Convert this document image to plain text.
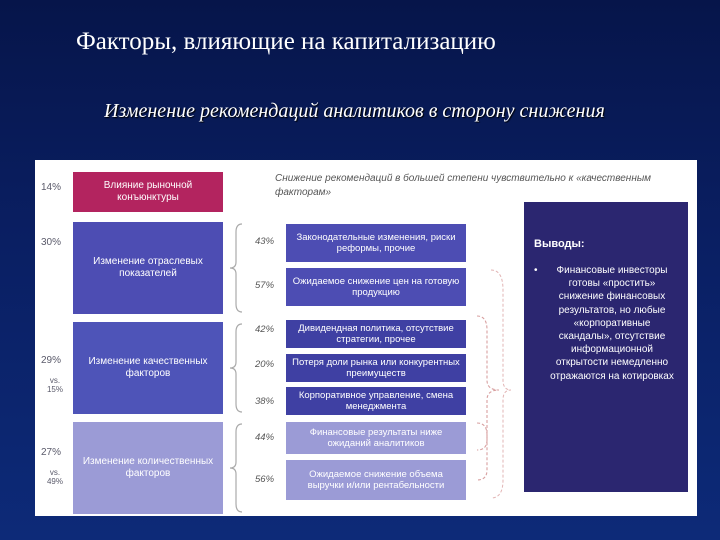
Факторы, влияющие на капитализацию
Изменение рекомендаций аналитиков в сторону снижения
Снижение рекомендаций в большей степени чувствительно к «качественным факторам»
14%
30%
29%
vs. 15%
27%
vs. 49%
Влияние рыночной конъюнктуры
Изменение отраслевых показателей
Изменение качественных факторов
Изменение количественных факторов
43%
57%
42%
20%
38%
44%
56%
Законодательные изменения, риски реформы, прочие
Ожидаемое снижение цен на готовую продукцию
Дивидендная политика, отсутствие стратегии, прочее
Потеря доли рынка или конкурентных преимуществ
Корпоративное управление, смена менеджмента
Финансовые результаты ниже ожиданий аналитиков
Ожидаемое снижение объема выручки и/или рентабельности
Выводы:
• Финансовые инвесторы готовы «простить» снижение финансовых результатов, но любые «корпоративные скандалы», отсутствие информационной открытости немедленно отражаются на котировках
